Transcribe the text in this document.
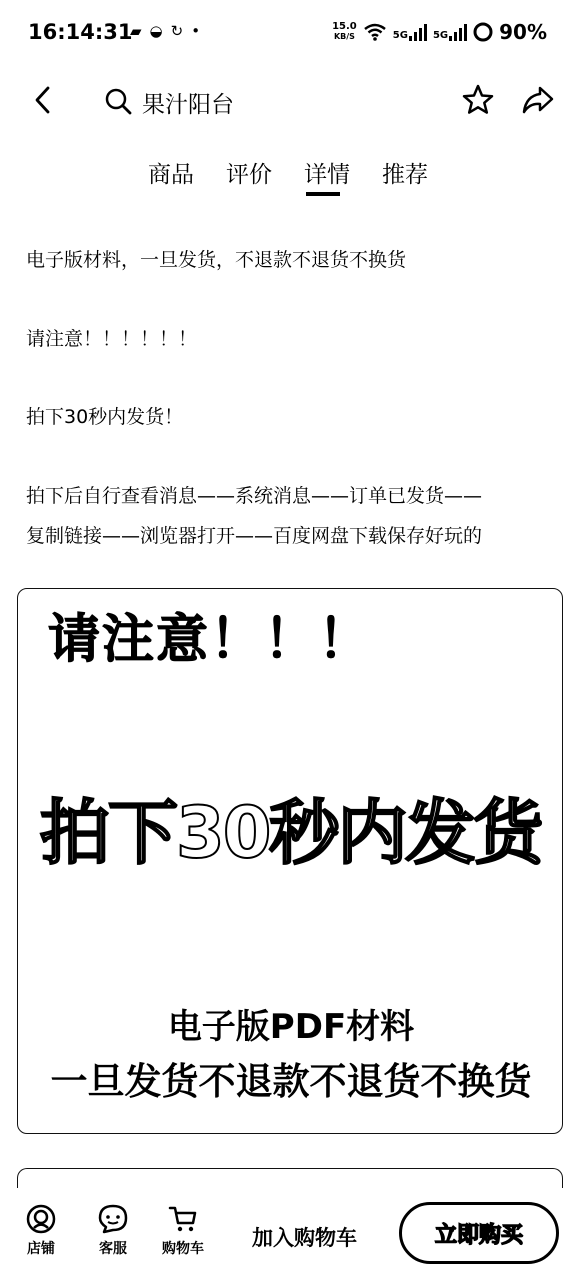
16:14:31
▰ ◒ ↻ •	15.0
KB/S	5G	5G	90%
果汁阳台
商品 评价 详情 推荐
电子版材料，一旦发货，不退款不退货不换货
请注意！！！！！！
拍下30秒内发货！
拍下后自行查看消息——系统消息——订单已发货——
复制链接——浏览器打开——百度网盘下载保存好玩的
请注意！！！
拍下30秒内发货
电子版PDF材料
一旦发货不退款不退货不换货
店铺	客服	购物车	加入购物车	立即购买
